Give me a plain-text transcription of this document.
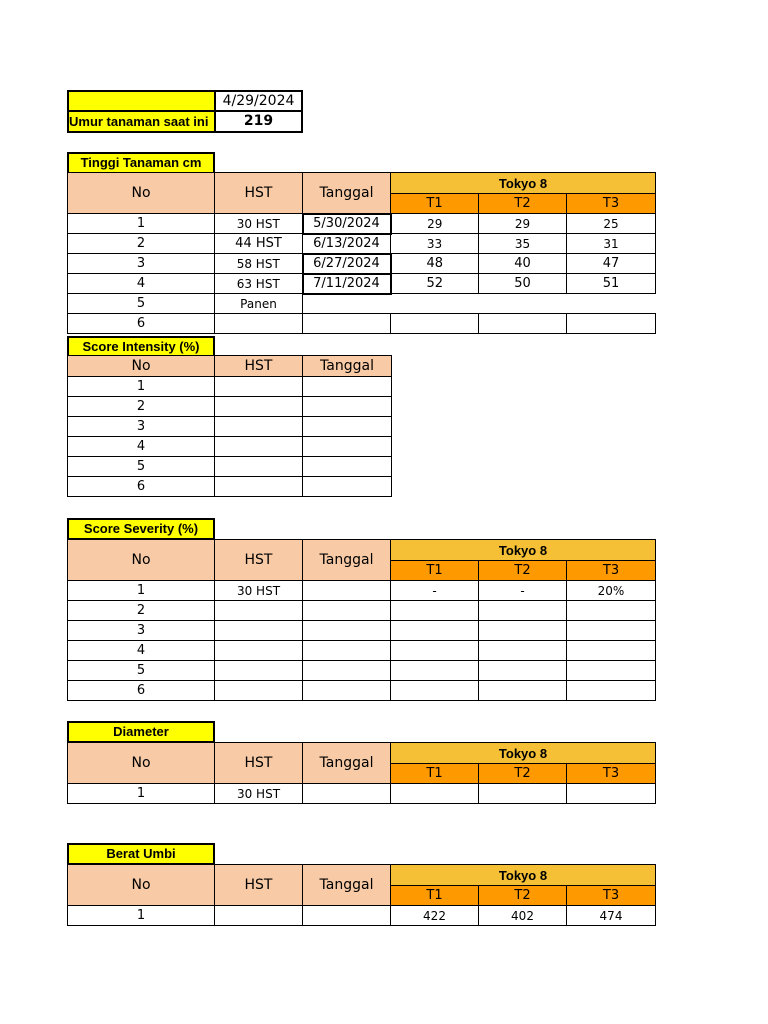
4/29/2024
Umur tanaman saat ini	219
Tinggi Tanaman cm
No	HST	Tanggal	Tokyo 8		
			T1	T2	T3
1	30 HST	5/30/2024	29	29	25
2	44 HST	6/13/2024	33	35	31
3	58 HST	6/27/2024	48	40	47
4	63 HST	7/11/2024	52	50	51
5	Panen				
6					
Score Intensity (%)
No	HST	Tanggal
1		
2		
3		
4		
5		
6		
Score Severity (%)
No	HST	Tanggal	Tokyo 8		
			T1	T2	T3
1	30 HST		-	-	20%
2					
3					
4					
5					
6					
Diameter
No	HST	Tanggal	Tokyo 8		
			T1	T2	T3
1	30 HST				
Berat Umbi
No	HST	Tanggal	Tokyo 8		
			T1	T2	T3
1			422	402	474
